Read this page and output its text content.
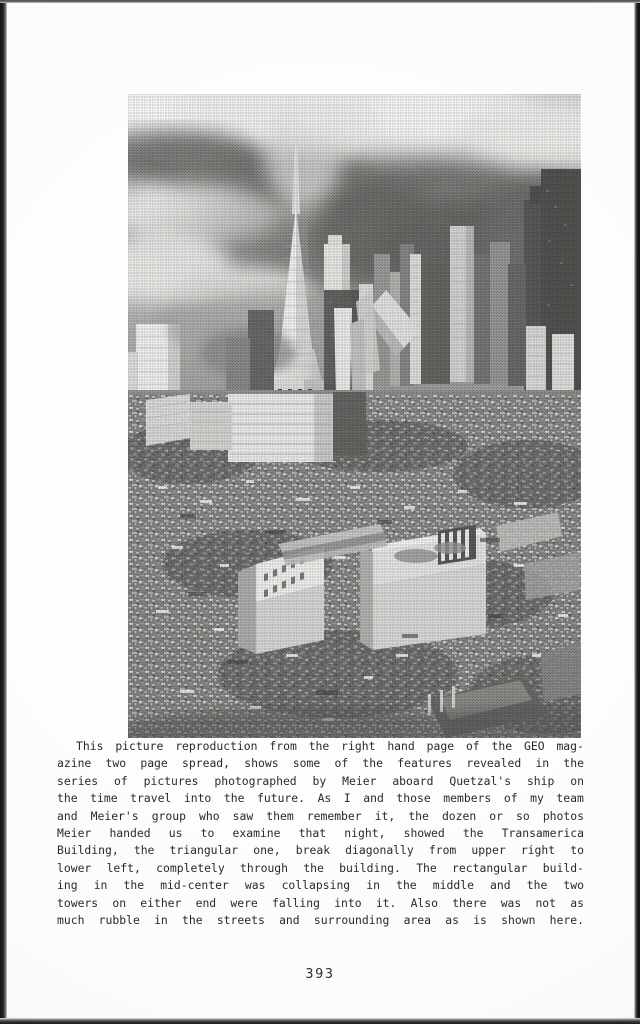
This picture reproduction from the right hand page of the GEO mag-
azine two page spread, shows some of the features revealed in the
series of pictures photographed by Meier aboard Quetzal's ship on
the time travel into the future. As I and those members of my team
and Meier's group who saw them remember it, the dozen or so photos
Meier handed us to examine that night, showed the Transamerica
Building, the triangular one, break diagonally from upper right to
lower left, completely through the building. The rectangular build-
ing in the mid-center was collapsing in the middle and the two
towers on either end were falling into it. Also there was not as
much rubble in the streets and surrounding area as is shown here.
393
